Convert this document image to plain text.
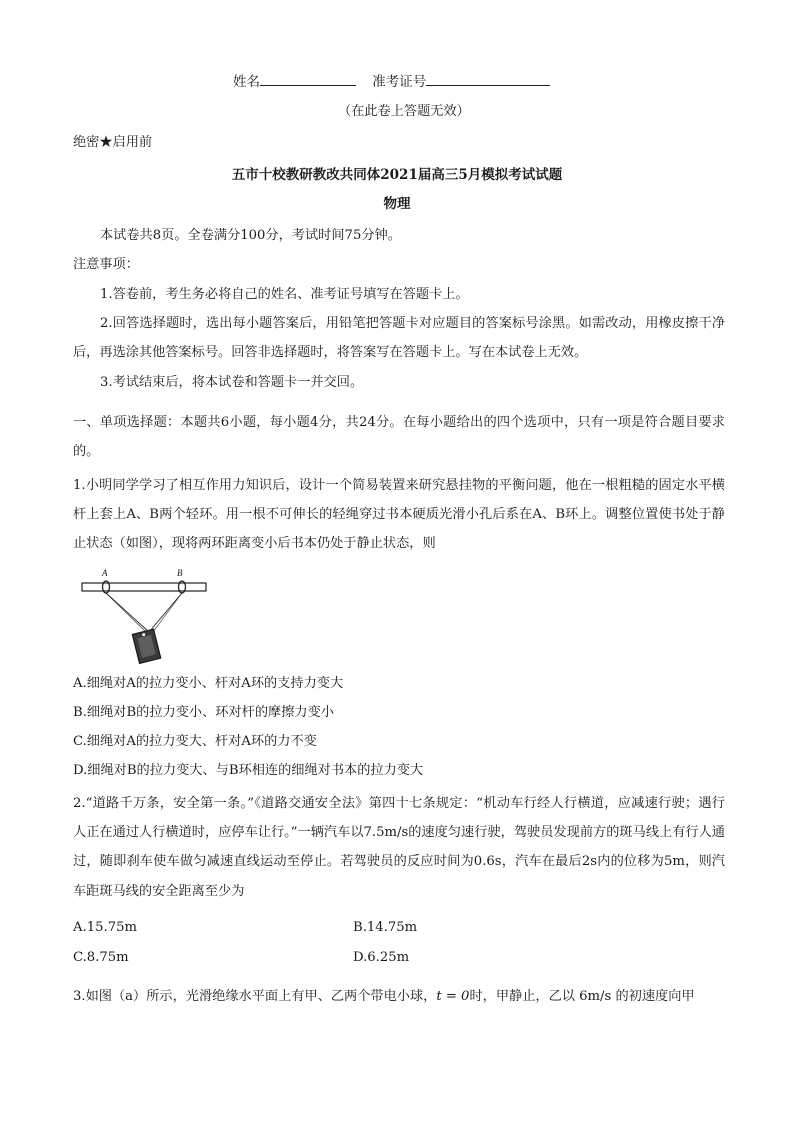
姓名	准考证号
（在此卷上答题无效）
绝密★启用前
五市十校教研教改共同体2021届高三5月模拟考试试题
物理
本试卷共8页。全卷满分100分，考试时间75分钟。
注意事项：
1.答卷前，考生务必将自己的姓名、准考证号填写在答题卡上。
2.回答选择题时，选出每小题答案后，用铅笔把答题卡对应题目的答案标号涂黑。如需改动，用橡皮擦干净后，再选涂其他答案标号。回答非选择题时，将答案写在答题卡上。写在本试卷上无效。
3.考试结束后，将本试卷和答题卡一并交回。
一、单项选择题：本题共6小题，每小题4分，共24分。在每小题给出的四个选项中，只有一项是符合题目要求的。
1.小明同学学习了相互作用力知识后，设计一个简易装置来研究悬挂物的平衡问题，他在一根粗糙的固定水平横杆上套上A、B两个轻环。用一根不可伸长的轻绳穿过书本硬质光滑小孔后系在A、B环上。调整位置使书处于静止状态（如图），现将两环距离变小后书本仍处于静止状态，则
A	B
A.细绳对A的拉力变小、杆对A环的支持力变大
B.细绳对B的拉力变小、环对杆的摩擦力变小
C.细绳对A的拉力变大、杆对A环的力不变
D.细绳对B的拉力变大、与B环相连的细绳对书本的拉力变大
2.“道路千万条，安全第一条。”《道路交通安全法》第四十七条规定：“机动车行经人行横道，应减速行驶；遇行人正在通过人行横道时，应停车让行。”一辆汽车以7.5m/s的速度匀速行驶，驾驶员发现前方的斑马线上有行人通过，随即刹车使车做匀减速直线运动至停止。若驾驶员的反应时间为0.6s，汽车在最后2s内的位移为5m，则汽车距斑马线的安全距离至少为
A.15.75m	B.14.75m
C.8.75m	D.6.25m
3.如图（a）所示，光滑绝缘水平面上有甲、乙两个带电小球，t = 0时，甲静止，乙以 6m/s 的初速度向甲
